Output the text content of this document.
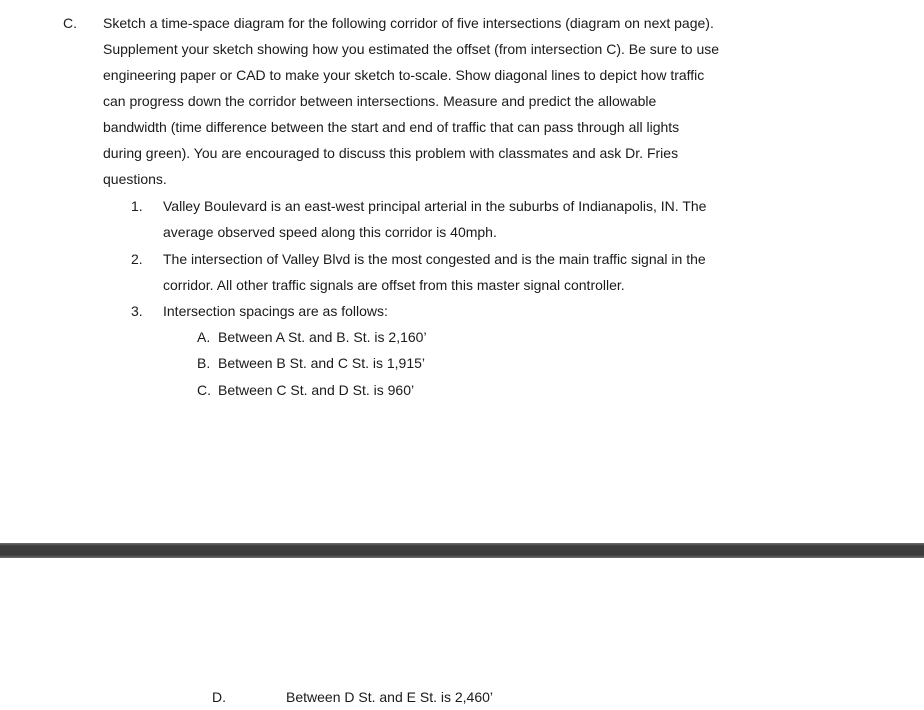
C. Sketch a time-space diagram for the following corridor of five intersections (diagram on next page).
Supplement your sketch showing how you estimated the offset (from intersection C). Be sure to use
engineering paper or CAD to make your sketch to-scale. Show diagonal lines to depict how traffic
can progress down the corridor between intersections. Measure and predict the allowable
bandwidth (time difference between the start and end of traffic that can pass through all lights
during green). You are encouraged to discuss this problem with classmates and ask Dr. Fries
questions.
1. Valley Boulevard is an east-west principal arterial in the suburbs of Indianapolis, IN. The
average observed speed along this corridor is 40mph.
2. The intersection of Valley Blvd is the most congested and is the main traffic signal in the
corridor. All other traffic signals are offset from this master signal controller.
3. Intersection spacings are as follows:
A. Between A St. and B. St. is 2,160’
B. Between B St. and C St. is 1,915’
C. Between C St. and D St. is 960’
D.	Between D St. and E St. is 2,460’
